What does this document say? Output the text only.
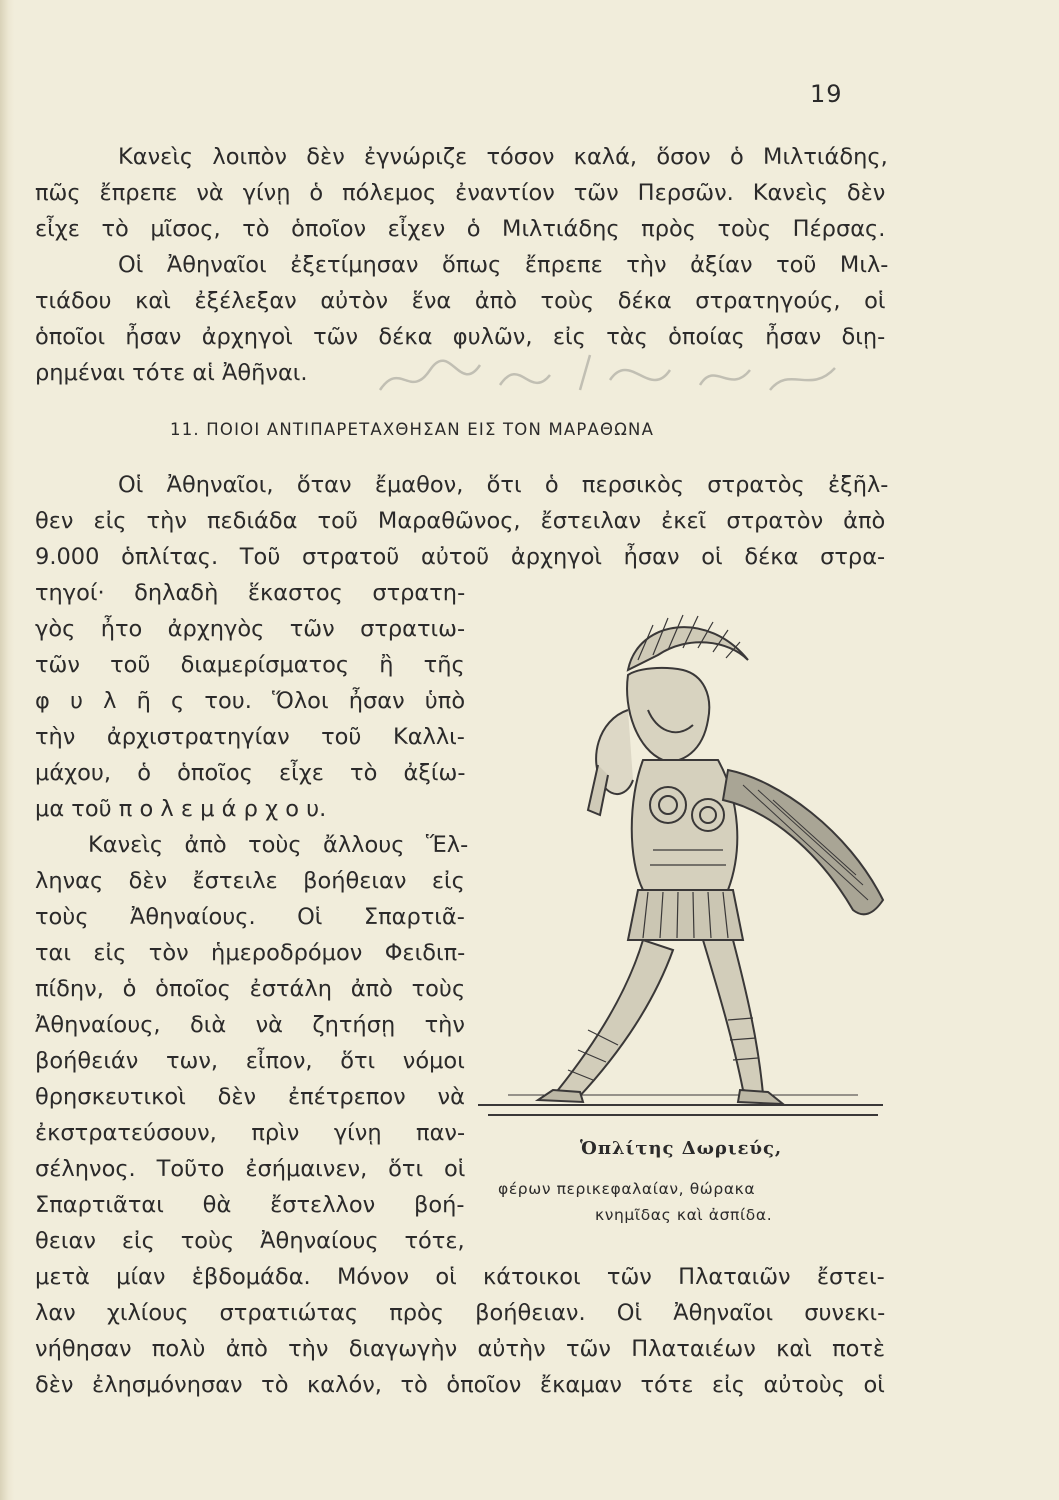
19
Κανεὶς λοιπὸν δὲν ἐγνώριζε τόσον καλά, ὅσον ὁ Μιλτιάδης,
πῶς ἔπρεπε νὰ γίνῃ ὁ πόλεμος ἐναντίον τῶν Περσῶν. Κανεὶς δὲν
εἶχε τὸ μῖσος, τὸ ὁποῖον εἶχεν ὁ Μιλτιάδης πρὸς τοὺς Πέρσας.
Οἱ Ἀθηναῖοι ἐξετίμησαν ὅπως ἔπρεπε τὴν ἀξίαν τοῦ Μιλ-
τιάδου καὶ ἐξέλεξαν αὐτὸν ἕνα ἀπὸ τοὺς δέκα στρατηγούς, οἱ
ὁποῖοι ἦσαν ἀρχηγοὶ τῶν δέκα φυλῶν, εἰς τὰς ὁποίας ἦσαν διῃ-
ρημέναι τότε αἱ Ἀθῆναι.
11. ΠΟΙΟΙ ΑΝΤΙΠΑΡΕΤΑΧΘΗΣΑΝ ΕΙΣ ΤΟΝ ΜΑΡΑΘΩΝΑ
Οἱ Ἀθηναῖοι, ὅταν ἔμαθον, ὅτι ὁ περσικὸς στρατὸς ἐξῆλ-
θεν εἰς τὴν πεδιάδα τοῦ Μαραθῶνος, ἔστειλαν ἐκεῖ στρατὸν ἀπὸ
9.000 ὁπλίτας. Τοῦ στρατοῦ αὐτοῦ ἀρχηγοὶ ἦσαν οἱ δέκα στρα-
τηγοί· δηλαδὴ ἕκαστος στρατη-
γὸς ἦτο ἀρχηγὸς τῶν στρατιω-
τῶν τοῦ διαμερίσματος ἢ τῆς
φ υ λ ῆ ς του. Ὅλοι ἦσαν ὑπὸ
τὴν ἀρχιστρατηγίαν τοῦ Καλλι-
μάχου, ὁ ὁποῖος εἶχε τὸ ἀξίω-
μα τοῦ π ο λ ε μ ά ρ χ ο υ.
Κανεὶς ἀπὸ τοὺς ἄλλους Ἕλ-
ληνας δὲν ἔστειλε βοήθειαν εἰς
τοὺς Ἀθηναίους. Οἱ Σπαρτιᾶ-
ται εἰς τὸν ἡμεροδρόμον Φειδιπ-
πίδην, ὁ ὁποῖος ἐστάλη ἀπὸ τοὺς
Ἀθηναίους, διὰ νὰ ζητήσῃ τὴν
βοήθειάν των, εἶπον, ὅτι νόμοι
θρησκευτικοὶ δὲν ἐπέτρεπον νὰ
ἐκστρατεύσουν, πρὶν γίνῃ παν-
σέληνος. Τοῦτο ἐσήμαινεν, ὅτι οἱ
Σπαρτιᾶται θὰ ἔστελλον βοή-
θειαν εἰς τοὺς Ἀθηναίους τότε,
μετὰ μίαν ἑβδομάδα. Μόνον οἱ κάτοικοι τῶν Πλαταιῶν ἔστει-
λαν χιλίους στρατιώτας πρὸς βοήθειαν. Οἱ Ἀθηναῖοι συνεκι-
νήθησαν πολὺ ἀπὸ τὴν διαγωγὴν αὐτὴν τῶν Πλαταιέων καὶ ποτὲ
δὲν ἐλησμόνησαν τὸ καλόν, τὸ ὁποῖον ἔκαμαν τότε εἰς αὐτοὺς οἱ
Ὁπλίτης Δωριεύς,
φέρων περικεφαλαίαν, θώρακα
κνημῖδας καὶ ἀσπίδα.
